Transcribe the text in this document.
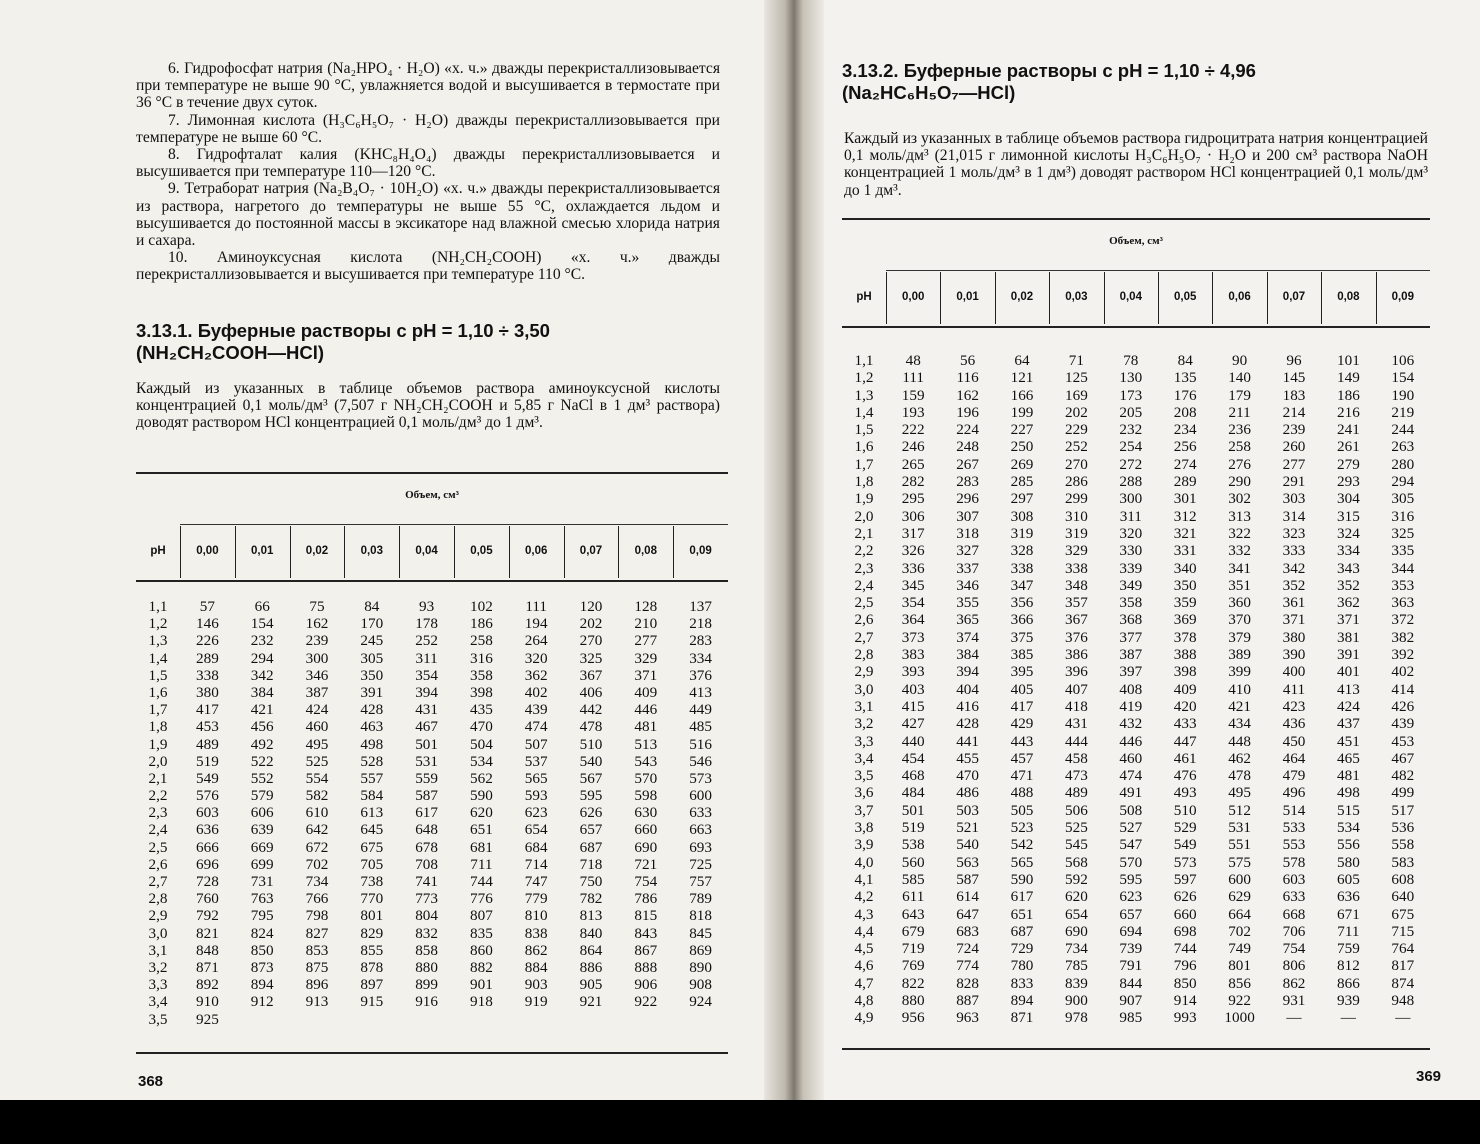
6. Гидрофосфат натрия (Na₂HPO₄ · H₂O) «х. ч.» дважды перекристаллизовывается при температуре не выше 90 °С, увлажняется водой и высушивается в термостате при 36 °С в течение двух суток.

7. Лимонная кислота (H₃C₆H₅O₇ · H₂O) дважды перекристаллизовывается при температуре не выше 60 °С.

8. Гидрофталат калия (KHC₈H₄O₄) дважды перекристаллизовывается и высушивается при температуре 110—120 °С.

9. Тетраборат натрия (Na₂B₄O₇ · 10H₂O) «х. ч.» дважды перекристаллизовывается из раствора, нагретого до температуры не выше 55 °С, охлаждается льдом и высушивается до постоянной массы в эксикаторе над влажной смесью хлорида натрия и сахара.

10. Аминоуксусная кислота (NH₂CH₂COOH) «х. ч.» дважды перекристаллизовывается и высушивается при температуре 110 °С.

3.13.1. Буферные растворы с pH = 1,10 ÷ 3,50
(NH₂CH₂COOH—HCl)
Каждый из указанных в таблице объемов раствора аминоуксусной кислоты концентрацией 0,1 моль/дм³ (7,507 г NH₂CH₂COOH и 5,85 г NaCl в 1 дм³ раствора) доводят раствором HCl концентрацией 0,1 моль/дм³ до 1 дм³.
Объем, см³
pH	0,00	0,01	0,02	0,03	0,04	0,05	0,06	0,07	0,08	0,09
1,1	57	66	75	84	93	102	111	120	128	137
1,2	146	154	162	170	178	186	194	202	210	218
1,3	226	232	239	245	252	258	264	270	277	283
1,4	289	294	300	305	311	316	320	325	329	334
1,5	338	342	346	350	354	358	362	367	371	376
1,6	380	384	387	391	394	398	402	406	409	413
1,7	417	421	424	428	431	435	439	442	446	449
1,8	453	456	460	463	467	470	474	478	481	485
1,9	489	492	495	498	501	504	507	510	513	516
2,0	519	522	525	528	531	534	537	540	543	546
2,1	549	552	554	557	559	562	565	567	570	573
2,2	576	579	582	584	587	590	593	595	598	600
2,3	603	606	610	613	617	620	623	626	630	633
2,4	636	639	642	645	648	651	654	657	660	663
2,5	666	669	672	675	678	681	684	687	690	693
2,6	696	699	702	705	708	711	714	718	721	725
2,7	728	731	734	738	741	744	747	750	754	757
2,8	760	763	766	770	773	776	779	782	786	789
2,9	792	795	798	801	804	807	810	813	815	818
3,0	821	824	827	829	832	835	838	840	843	845
3,1	848	850	853	855	858	860	862	864	867	869
3,2	871	873	875	878	880	882	884	886	888	890
3,3	892	894	896	897	899	901	903	905	906	908
3,4	910	912	913	915	916	918	919	921	922	924
3,5	925
368
3.13.2. Буферные растворы с pH = 1,10 ÷ 4,96
(Na₂HC₆H₅O₇—HCl)
Каждый из указанных в таблице объемов раствора гидроцитрата натрия концентрацией 0,1 моль/дм³ (21,015 г лимонной кислоты H₃C₆H₅O₇ · H₂O и 200 см³ раствора NaOH концентрацией 1 моль/дм³ в 1 дм³) доводят раствором HCl концентрацией 0,1 моль/дм³ до 1 дм³.
Объем, см³
pH	0,00	0,01	0,02	0,03	0,04	0,05	0,06	0,07	0,08	0,09
1,1	48	56	64	71	78	84	90	96	101	106
1,2	111	116	121	125	130	135	140	145	149	154
1,3	159	162	166	169	173	176	179	183	186	190
1,4	193	196	199	202	205	208	211	214	216	219
1,5	222	224	227	229	232	234	236	239	241	244
1,6	246	248	250	252	254	256	258	260	261	263
1,7	265	267	269	270	272	274	276	277	279	280
1,8	282	283	285	286	288	289	290	291	293	294
1,9	295	296	297	299	300	301	302	303	304	305
2,0	306	307	308	310	311	312	313	314	315	316
2,1	317	318	319	319	320	321	322	323	324	325
2,2	326	327	328	329	330	331	332	333	334	335
2,3	336	337	338	338	339	340	341	342	343	344
2,4	345	346	347	348	349	350	351	352	352	353
2,5	354	355	356	357	358	359	360	361	362	363
2,6	364	365	366	367	368	369	370	371	371	372
2,7	373	374	375	376	377	378	379	380	381	382
2,8	383	384	385	386	387	388	389	390	391	392
2,9	393	394	395	396	397	398	399	400	401	402
3,0	403	404	405	407	408	409	410	411	413	414
3,1	415	416	417	418	419	420	421	423	424	426
3,2	427	428	429	431	432	433	434	436	437	439
3,3	440	441	443	444	446	447	448	450	451	453
3,4	454	455	457	458	460	461	462	464	465	467
3,5	468	470	471	473	474	476	478	479	481	482
3,6	484	486	488	489	491	493	495	496	498	499
3,7	501	503	505	506	508	510	512	514	515	517
3,8	519	521	523	525	527	529	531	533	534	536
3,9	538	540	542	545	547	549	551	553	556	558
4,0	560	563	565	568	570	573	575	578	580	583
4,1	585	587	590	592	595	597	600	603	605	608
4,2	611	614	617	620	623	626	629	633	636	640
4,3	643	647	651	654	657	660	664	668	671	675
4,4	679	683	687	690	694	698	702	706	711	715
4,5	719	724	729	734	739	744	749	754	759	764
4,6	769	774	780	785	791	796	801	806	812	817
4,7	822	828	833	839	844	850	856	862	866	874
4,8	880	887	894	900	907	914	922	931	939	948
4,9	956	963	871	978	985	993	1000	—	—	—
369
